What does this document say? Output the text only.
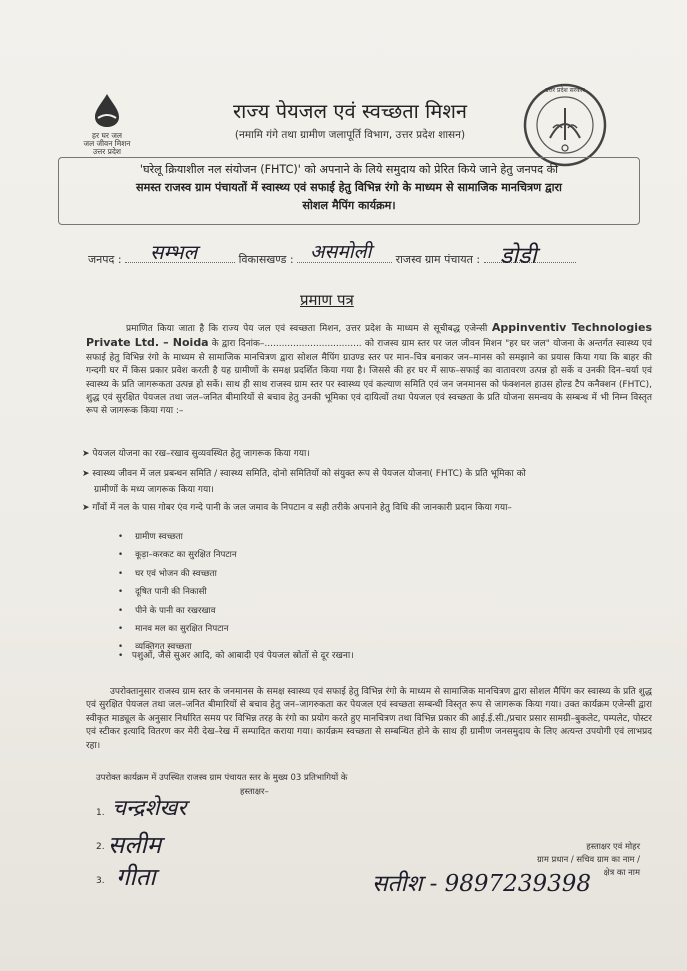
हर घर जल
जल जीवन मिशन
उत्तर प्रदेश
राज्य पेयजल एवं स्वच्छता मिशन
(नमामि गंगे तथा ग्रामीण जलापूर्ति विभाग, उत्तर प्रदेश शासन)
उत्तर प्रदेश सरकार
'घरेलू क्रियाशील नल संयोजन (FHTC)' को अपनाने के लिये समुदाय को प्रेरित किये जाने हेतु जनपद की
समस्त राजस्व ग्राम पंचायतों में स्वास्थ्य एवं सफाई हेतु विभिन्न रंगो के माध्यम से सामाजिक मानचित्रण द्वारा
सोशल मैपिंग कार्यक्रम।
जनपद :	विकासखण्ड :	राजस्व ग्राम पंचायत :
सम्भल	असमोली	डोडी
प्रमाण पत्र
प्रमाणित किया जाता है कि राज्य पेय जल एवं स्वच्छता मिशन, उत्तर प्रदेश के माध्यम से सूचीबद्ध एजेन्सी Appinventiv Technologies Private Ltd. – Noida के द्वारा दिनांक–.................................. को राजस्व ग्राम स्तर पर जल जीवन मिशन "हर घर जल" योजना के अन्तर्गत स्वास्थ्य एवं सफाई हेतु विभिन्न रंगो के माध्यम से सामाजिक मानचित्रण द्वारा सोशल मैपिंग ग्राउण्ड स्तर पर मान–चित्र बनाकर जन–मानस को समझाने का प्रयास किया गया कि बाहर की गन्दगी घर में किस प्रकार प्रवेश करती है यह ग्रामीणों के समक्ष प्रदर्शित किया गया है। जिससे की हर घर में साफ–सफाई का वातावरण उत्पन्न हो सकें व उनकी दिन–चर्या एवं स्वास्थ्य के प्रति जागरूकता उत्पन्न हो सकें। साथ ही साथ राजस्व ग्राम स्तर पर स्वास्थ्य एवं कल्याण समिति एवं जन जनमानस को फंक्शनल हाउस होल्ड टैप कनैक्शन (FHTC), शुद्ध एवं सुरक्षित पेयजल तथा जल–जनित बीमारियों से बचाव हेतु उनकी भूमिका एवं दायित्वों तथा पेयजल एवं स्वच्छता के प्रति योजना समन्वय के सम्बन्ध में भी निम्न विस्तृत रूप से जागरूक किया गया :–
➤ पेयजल योजना का रख–रखाव सुव्यवस्थित हेतु जागरूक किया गया।
➤ स्वास्थ्य जीवन में जल प्रबन्धन समिति / स्वास्थ्य समिति, दोनो समितियों को संयुक्त रूप से पेयजल योजना( FHTC) के प्रति भूमिका को
ग्रामीणों के मध्य जागरूक किया गया।
➤ गाँवों में नल के पास गोबर एंव गन्दे पानी के जल जमाव के निपटान व सही तरीके अपनाने हेतु विधि की जानकारी प्रदान किया गया–
• ग्रामीण स्वच्छता
• कूड़ा–करकट का सुरक्षित निपटान
• घर एवं भोजन की स्वच्छता
• दूषित पानी की निकासी
• पीने के पानी का रखरखाव
• मानव मल का सुरक्षित निपटान
• व्यक्तिगत स्वच्छता
•   पशुओं, जैसे सुअर आदि, को आबादी एवं पेयजल स्रोतों से दूर रखना।
उपरोक्तानुसार राजस्व ग्राम स्तर के जनमानस के समक्ष स्वास्थ्य एवं सफाई हेतु विभिन्न रंगो के माध्यम से सामाजिक मानचित्रण द्वारा सोशल मैपिंग कर स्वास्थ्य के प्रति शुद्ध एवं सुरक्षित पेयजल तथा जल–जनित बीमारियों से बचाव हेतु जन–जागरुकता कर पेयजल एवं स्वच्छता सम्बन्धी विस्तृत रूप से जागरूक किया गया। उक्त कार्यक्रम एजेन्सी द्वारा स्वीकृत माड्यूल के अनुसार निर्धारित समय पर विभिन्न तरह के रंगो का प्रयोग करते हुए मानचित्रण तथा विभिन्न प्रकार की आई.ई.सी./प्रचार प्रसार सामग्री–बुकलेट, पम्पलेट, पोस्टर एवं स्टीकर इत्यादि वितरण कर मेरी देख–रेख में सम्पादित कराया गया। कार्यक्रम स्वच्छता से सम्बन्धित होने के साथ ही ग्रामीण जनसमुदाय के लिए अत्यन्त उपयोगी एवं लाभप्रद रहा।
उपरोक्त कार्यक्रम में उपस्थित राजस्व ग्राम पंचायत स्तर के मुख्य 03 प्रतिभागियों के
हस्ताक्षर–
1. चन्द्रशेखर
2. सलीम
3. गीता
हस्ताक्षर एवं मोहर
ग्राम प्रधान / सचिव ग्राम का नाम /
क्षेत्र का नाम
सतीश - 9897239398
